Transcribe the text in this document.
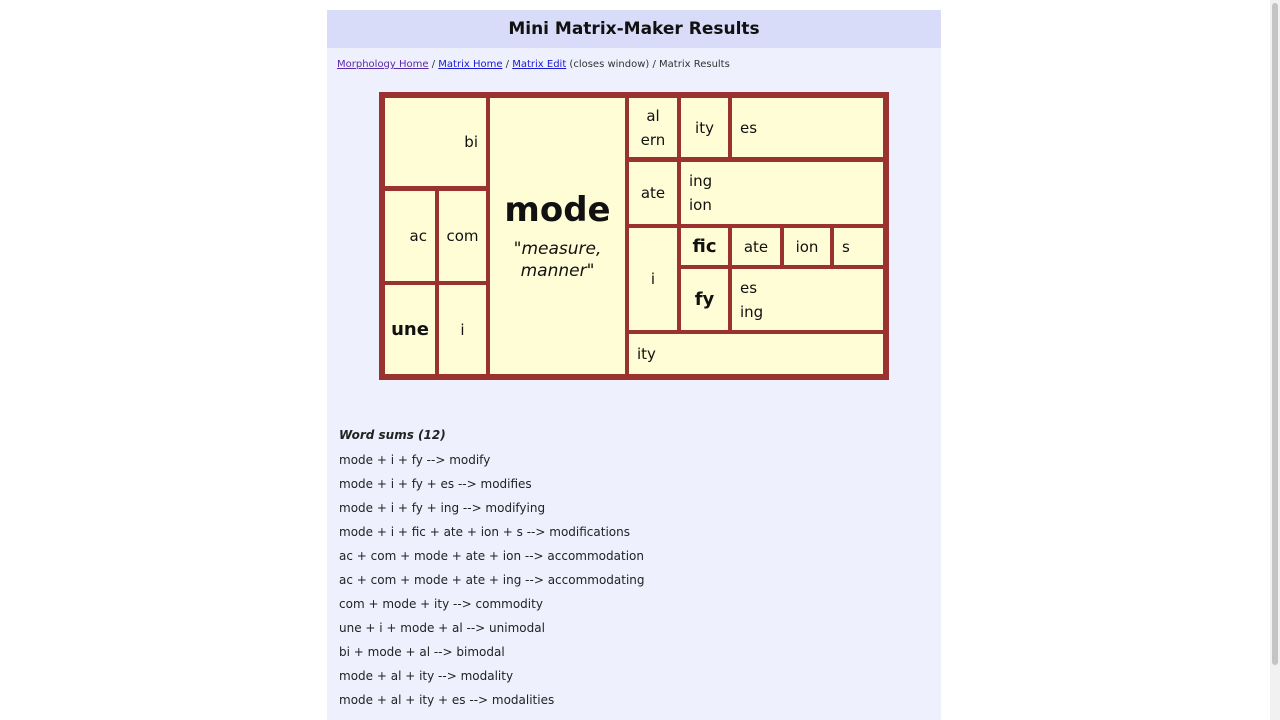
Mini Matrix-Maker Results
Morphology Home / Matrix Home / Matrix Edit (closes window) / Matrix Results
bi
ac com
une i
mode
"measure, manner"
al
ern
ity es
ate
ing
ion
i
fic ate ion s
fy
es
ing
ity
Word sums (12)
mode + i + fy --> modify
mode + i + fy + es --> modifies
mode + i + fy + ing --> modifying
mode + i + fic + ate + ion + s --> modifications
ac + com + mode + ate + ion --> accommodation
ac + com + mode + ate + ing --> accommodating
com + mode + ity --> commodity
une + i + mode + al --> unimodal
bi + mode + al --> bimodal
mode + al + ity --> modality
mode + al + ity + es --> modalities
